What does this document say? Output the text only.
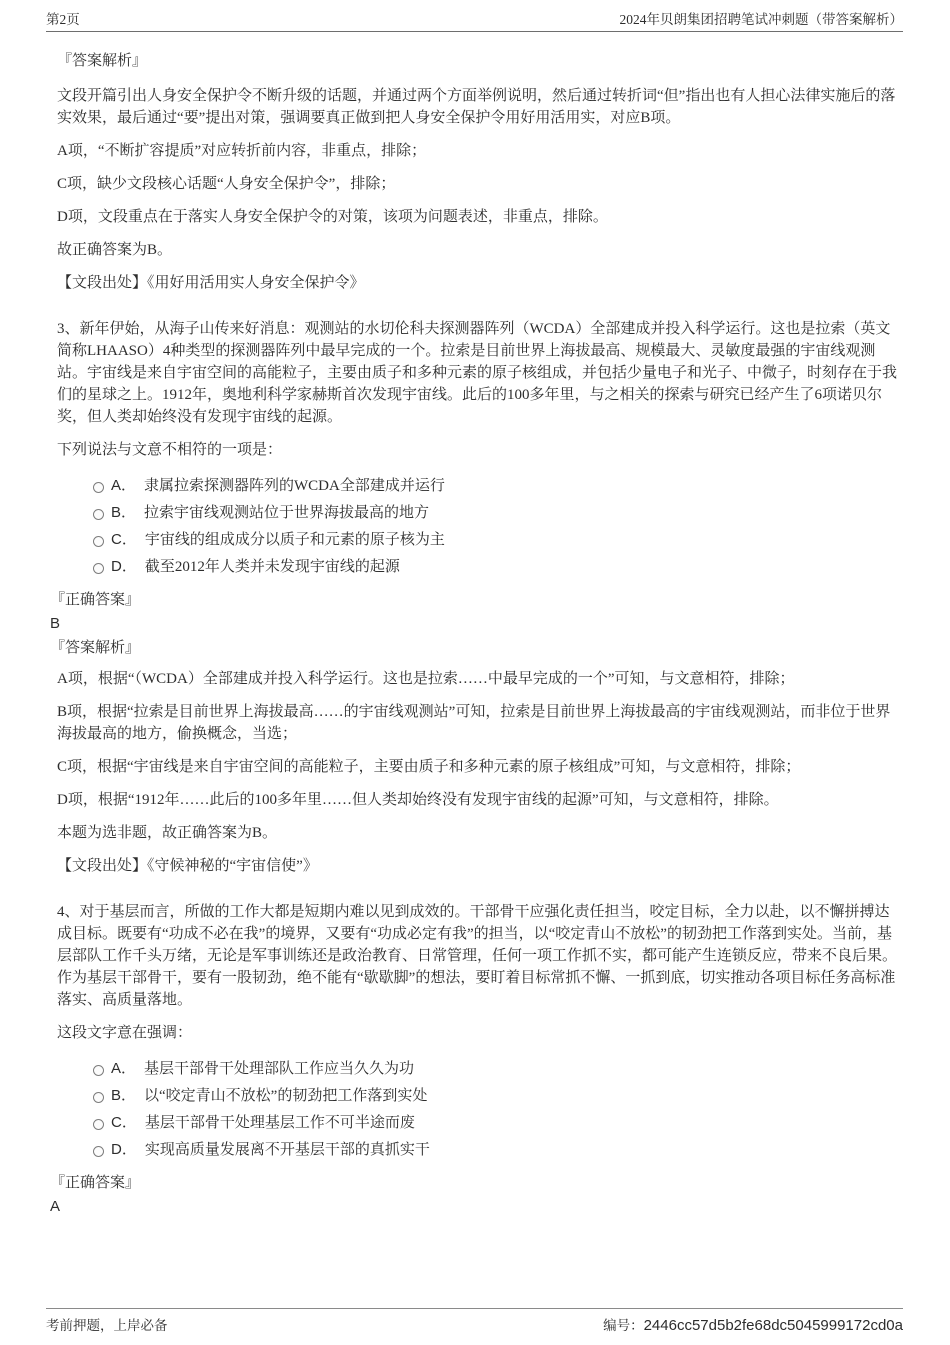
第2页	2024年贝朗集团招聘笔试冲刺题（带答案解析）

『答案解析』

文段开篇引出人身安全保护令不断升级的话题，并通过两个方面举例说明，然后通过转折词“但”指出也有人担心法律实施后的落实效果，最后通过“要”提出对策，强调要真正做到把人身安全保护令用好用活用实，对应B项。

A项，“不断扩容提质”对应转折前内容，非重点，排除；

C项，缺少文段核心话题“人身安全保护令”，排除；

D项，文段重点在于落实人身安全保护令的对策，该项为问题表述，非重点，排除。

故正确答案为B。

【文段出处】《用好用活用实人身安全保护令》

3、新年伊始，从海子山传来好消息：观测站的水切伦科夫探测器阵列（WCDA）全部建成并投入科学运行。这也是拉索（英文简称LHAASO）4种类型的探测器阵列中最早完成的一个。拉索是目前世界上海拔最高、规模最大、灵敏度最强的宇宙线观测站。宇宙线是来自宇宙空间的高能粒子，主要由质子和多种元素的原子核组成，并包括少量电子和光子、中微子，时刻存在于我们的星球之上。1912年，奥地利科学家赫斯首次发现宇宙线。此后的100多年里，与之相关的探索与研究已经产生了6项诺贝尔奖，但人类却始终没有发现宇宙线的起源。

下列说法与文意不相符的一项是：

A． 隶属拉索探测器阵列的WCDA全部建成并运行
B． 拉索宇宙线观测站位于世界海拔最高的地方
C． 宇宙线的组成成分以质子和元素的原子核为主
D． 截至2012年人类并未发现宇宙线的起源
『正确答案』
B
『答案解析』

A项，根据“（WCDA）全部建成并投入科学运行。这也是拉索……中最早完成的一个”可知，与文意相符，排除；

B项，根据“拉索是目前世界上海拔最高……的宇宙线观测站”可知，拉索是目前世界上海拔最高的宇宙线观测站，而非位于世界海拔最高的地方，偷换概念，当选；

C项，根据“宇宙线是来自宇宙空间的高能粒子，主要由质子和多种元素的原子核组成”可知，与文意相符，排除；

D项，根据“1912年……此后的100多年里……但人类却始终没有发现宇宙线的起源”可知，与文意相符，排除。

本题为选非题，故正确答案为B。

【文段出处】《守候神秘的“宇宙信使”》

4、对于基层而言，所做的工作大都是短期内难以见到成效的。干部骨干应强化责任担当，咬定目标，全力以赴，以不懈拼搏达成目标。既要有“功成不必在我”的境界，又要有“功成必定有我”的担当，以“咬定青山不放松”的韧劲把工作落到实处。当前，基层部队工作千头万绪，无论是军事训练还是政治教育、日常管理，任何一项工作抓不实，都可能产生连锁反应，带来不良后果。作为基层干部骨干，要有一股韧劲，绝不能有“歇歇脚”的想法，要盯着目标常抓不懈、一抓到底，切实推动各项目标任务高标准落实、高质量落地。

这段文字意在强调：

A． 基层干部骨干处理部队工作应当久久为功
B． 以“咬定青山不放松”的韧劲把工作落到实处
C． 基层干部骨干处理基层工作不可半途而废
D． 实现高质量发展离不开基层干部的真抓实干
『正确答案』
A
考前押题，上岸必备	编号：2446cc57d5b2fe68dc5045999172cd0a
